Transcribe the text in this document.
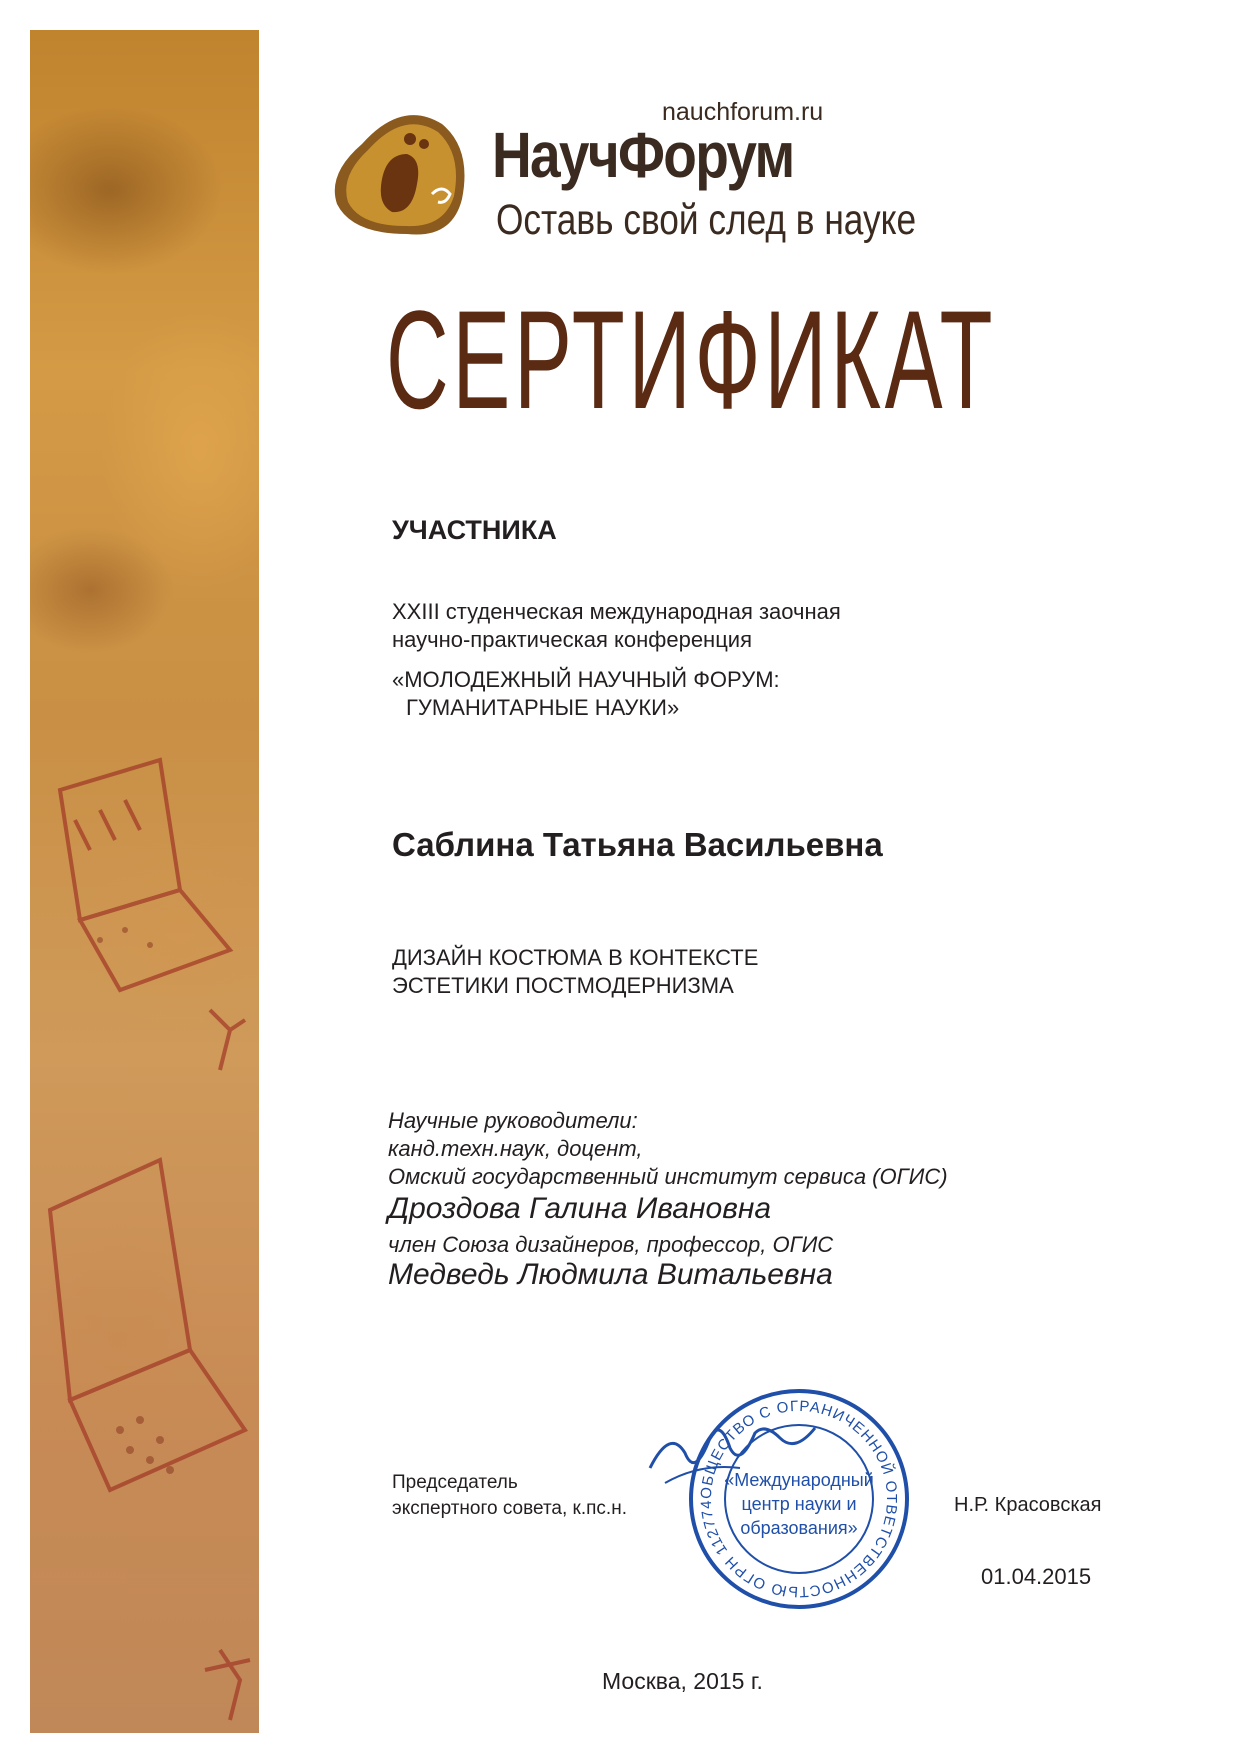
nauchforum.ru
НаучФорум
Оставь свой след в науке
СЕРТИФИКАТ
УЧАСТНИКА
XXIII студенческая международная заочная
научно-практическая конференция
«МОЛОДЕЖНЫЙ НАУЧНЫЙ ФОРУМ:
ГУМАНИТАРНЫЕ НАУКИ»
Саблина Татьяна Васильевна
ДИЗАЙН КОСТЮМА В КОНТЕКСТЕ
ЭСТЕТИКИ ПОСТМОДЕРНИЗМА
Научные руководители:
канд.техн.наук, доцент,
Омский государственный институт сервиса (ОГИС)
Дроздова Галина Ивановна
член Союза дизайнеров, профессор, ОГИС
Медведь Людмила Витальевна
Председатель
экспертного совета, к.пс.н.
ОБЩЕСТВО С ОГРАНИЧЕННОЙ ОТВЕТСТВЕННОСТЬЮ ОГРН 112774
«Международный
центр науки и
образования»
Н.Р. Красовская
01.04.2015
Москва, 2015 г.
